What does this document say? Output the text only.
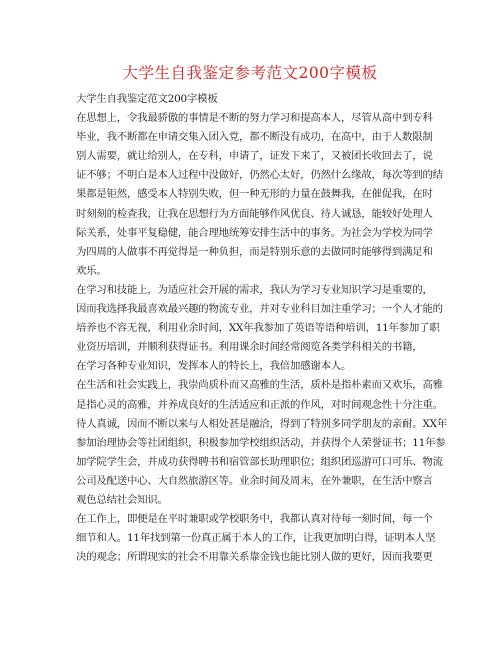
大学生自我鉴定参考范文200字模板
大学生自我鉴定范文200字模板
在思想上，令我最骄傲的事情是不断的努力学习和提高本人，尽管从高中到专科
毕业，我不断都在申请交集入团入党，都不断没有成功，在高中，由于人数限制
别人需要，就让给别人，在专科，申请了，证发下来了，又被团长收回去了，说
证不够；不明白是本人过程中没做好，仍然心太好，仍然什么缘故，每次等到的结
果都是钜然，感受本人特别失败，但一种无形的力量在鼓舞我，在催促我，在时
时刻刻的检查我，让我在思想行为方面能够作风优良、待人诚恳，能较好处理人
际关系，处事平复稳健，能合理地统筹安排生活中的事务。为社会为学校为同学
为四周的人做事不再觉得是一种负担，而是特别乐意的去做同时能够得到满足和
欢乐。
在学习和技能上，为适应社会开展的需求，我认为学习专业知识学习是重要的，
因而我选择我最喜欢最兴趣的物流专业，并对专业科目加注重学习；一个人才能的
培养也不容无视，利用业余时间，XX年我参加了英语等语种培训，11年参加了职
业资历培训，并顺利获得证书。利用课余时间经常阅览各类学科相关的书籍，
在学习各种专业知识，发挥本人的特长上，我倍加感谢本人。
在生活和社会实践上，我崇尚质朴而又高雅的生活，质朴是指朴素而又欢乐，高雅
是指心灵的高雅，并养成良好的生活适应和正派的作风，对时间观念性十分注重。
待人真诚，因而不断以来与人相处甚是融洽，得到了特别多同学朋友的亲耐。XX年
参加治理协会等社团组织，积极参加学校组织活动，并获得个人荣誉证书；11年参
加学院学生会，并成功获得聘书和宿管部长助理职位；组织团巡游可口可乐、物流
公司及配送中心、大自然旅游区等。业余时间及周末，在外兼职，在生活中察言
观色总结社会知识。
在工作上，即便是在平时兼职或学校职务中，我都认真对待每一刻时间，每一个
细节和人。11年找到第一份真正属于本人的工作，让我更加明白得，证明本人坚
决的观念；所谓现实的社会不用靠关系靠金钱也能比别人做的更好，因而我要更
